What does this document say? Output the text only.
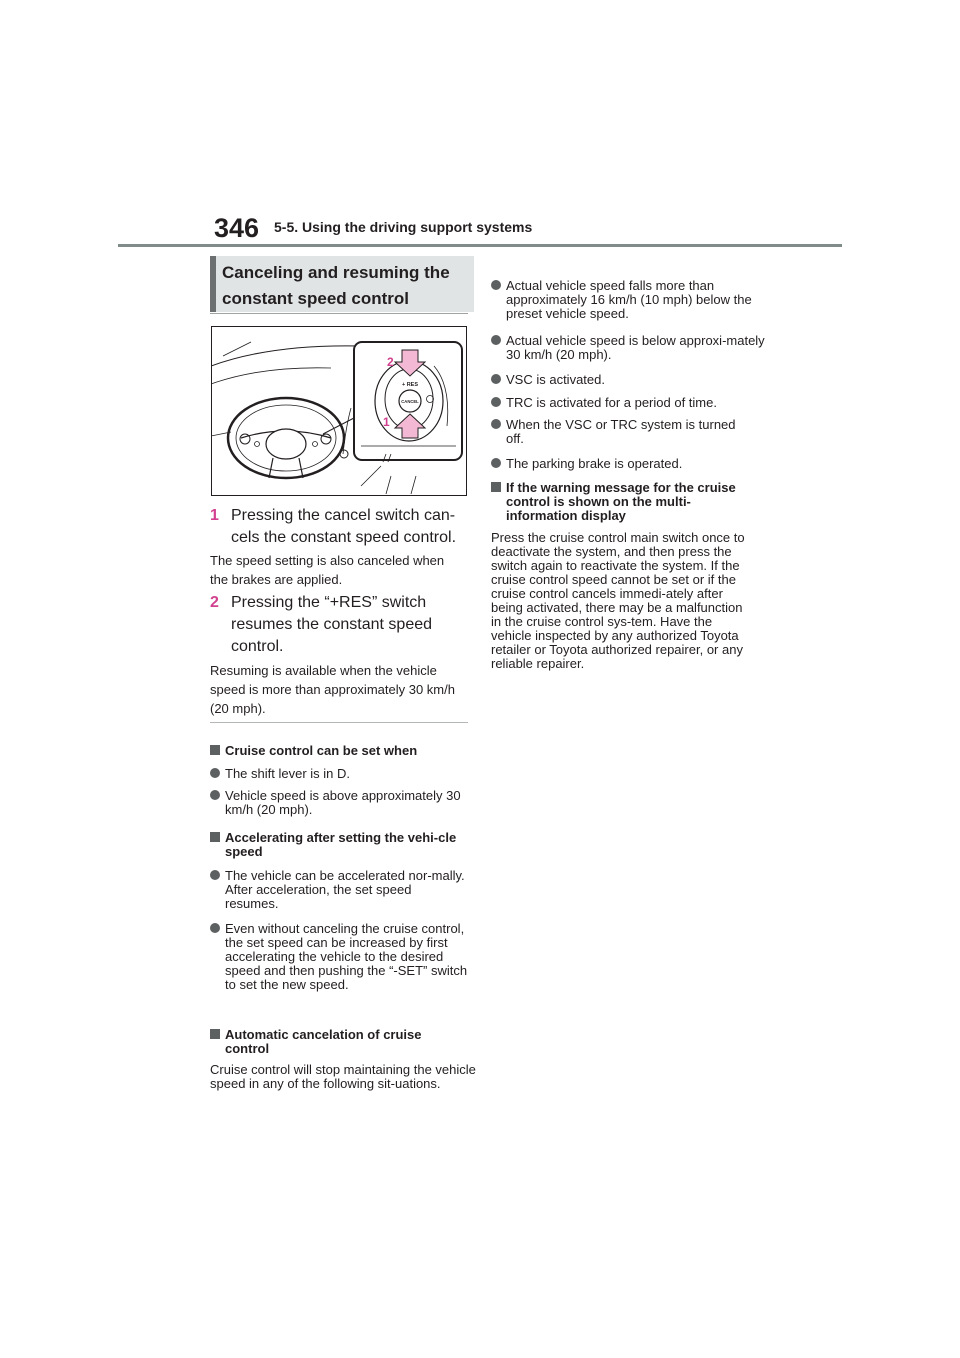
346 5-5. Using the driving support systems
Canceling and resuming the constant speed control
+ RES
CANCEL
2
1
1 Pressing the cancel switch can-cels the constant speed control.
The speed setting is also canceled when the brakes are applied.
2 Pressing the “+RES” switch resumes the constant speed control.
Resuming is available when the vehicle speed is more than approximately 30 km/h (20 mph).
Cruise control can be set when
The shift lever is in D.
Vehicle speed is above approximately 30 km/h (20 mph).
Accelerating after setting the vehi-cle speed
The vehicle can be accelerated nor-mally. After acceleration, the set speed resumes.
Even without canceling the cruise control, the set speed can be increased by first accelerating the vehicle to the desired speed and then pushing the “-SET” switch to set the new speed.
Automatic cancelation of cruise control
Cruise control will stop maintaining the vehicle speed in any of the following sit-uations.
Actual vehicle speed falls more than approximately 16 km/h (10 mph) below the preset vehicle speed.
Actual vehicle speed is below approxi-mately 30 km/h (20 mph).
VSC is activated.
TRC is activated for a period of time.
When the VSC or TRC system is turned off.
The parking brake is operated.
If the warning message for the cruise control is shown on the multi-information display
Press the cruise control main switch once to deactivate the system, and then press the switch again to reactivate the system. If the cruise control speed cannot be set or if the cruise control cancels immedi-ately after being activated, there may be a malfunction in the cruise control sys-tem. Have the vehicle inspected by any authorized Toyota retailer or Toyota authorized repairer, or any reliable repairer.
